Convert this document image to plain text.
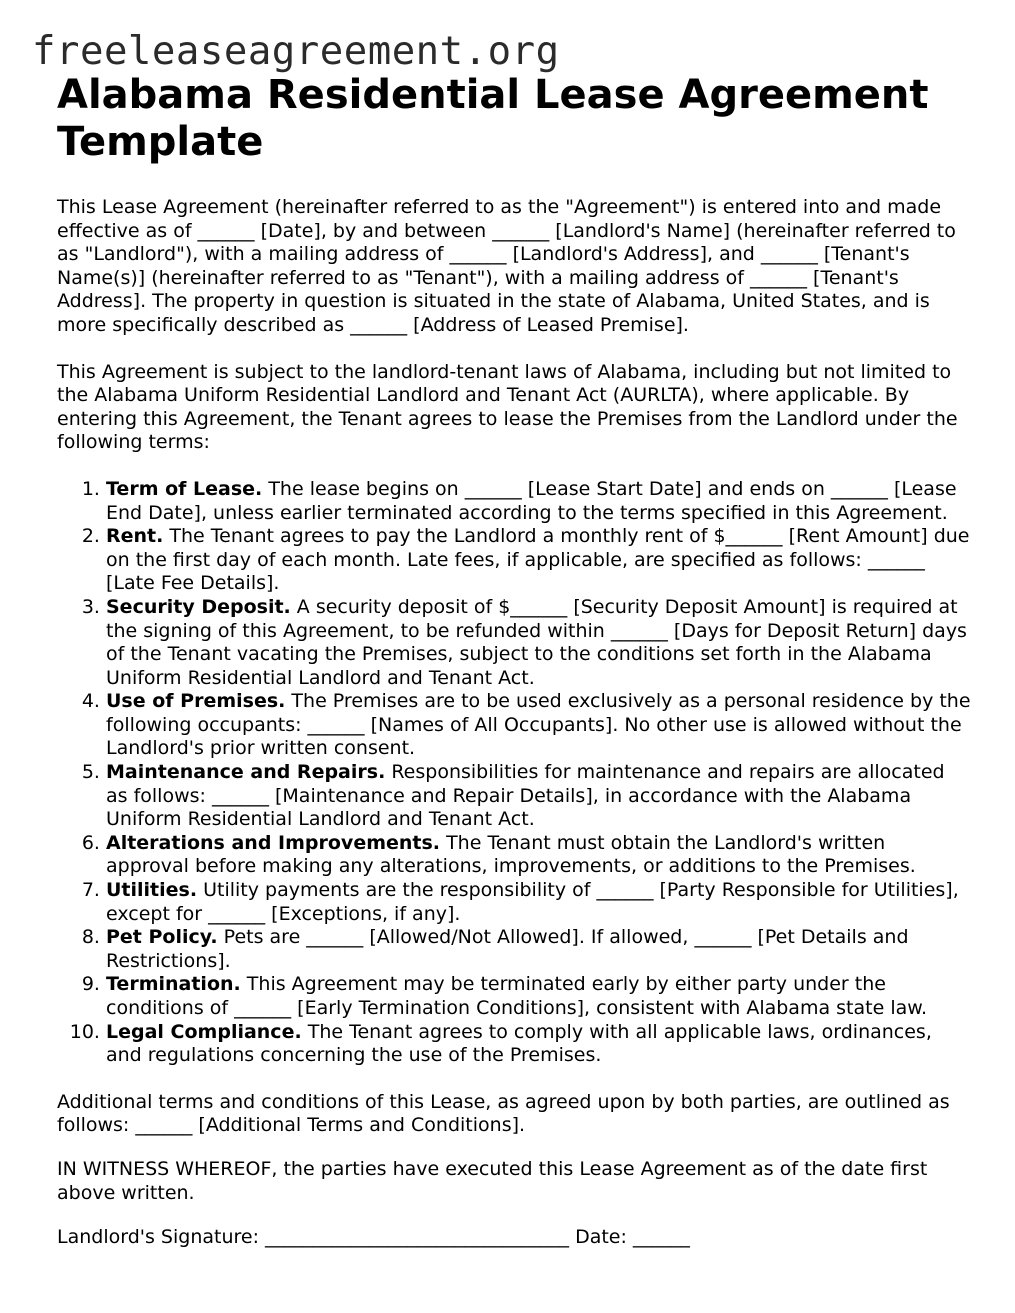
freeleaseagreement.org
Alabama Residential Lease Agreement Template

This Lease Agreement (hereinafter referred to as the "Agreement") is entered into and made effective as of ______ [Date], by and between ______ [Landlord's Name] (hereinafter referred to as "Landlord"), with a mailing address of ______ [Landlord's Address], and ______ [Tenant's Name(s)] (hereinafter referred to as "Tenant"), with a mailing address of ______ [Tenant's Address]. The property in question is situated in the state of Alabama, United States, and is more specifically described as ______ [Address of Leased Premise].

This Agreement is subject to the landlord-tenant laws of Alabama, including but not limited to the Alabama Uniform Residential Landlord and Tenant Act (AURLTA), where applicable. By entering this Agreement, the Tenant agrees to lease the Premises from the Landlord under the following terms:

1. Term of Lease. The lease begins on ______ [Lease Start Date] and ends on ______ [Lease End Date], unless earlier terminated according to the terms specified in this Agreement.
2. Rent. The Tenant agrees to pay the Landlord a monthly rent of $______ [Rent Amount] due on the first day of each month. Late fees, if applicable, are specified as follows: ______ [Late Fee Details].
3. Security Deposit. A security deposit of $______ [Security Deposit Amount] is required at the signing of this Agreement, to be refunded within ______ [Days for Deposit Return] days of the Tenant vacating the Premises, subject to the conditions set forth in the Alabama Uniform Residential Landlord and Tenant Act.
4. Use of Premises. The Premises are to be used exclusively as a personal residence by the following occupants: ______ [Names of All Occupants]. No other use is allowed without the Landlord's prior written consent.
5. Maintenance and Repairs. Responsibilities for maintenance and repairs are allocated as follows: ______ [Maintenance and Repair Details], in accordance with the Alabama Uniform Residential Landlord and Tenant Act.
6. Alterations and Improvements. The Tenant must obtain the Landlord's written approval before making any alterations, improvements, or additions to the Premises.
7. Utilities. Utility payments are the responsibility of ______ [Party Responsible for Utilities], except for ______ [Exceptions, if any].
8. Pet Policy. Pets are ______ [Allowed/Not Allowed]. If allowed, ______ [Pet Details and Restrictions].
9. Termination. This Agreement may be terminated early by either party under the conditions of ______ [Early Termination Conditions], consistent with Alabama state law.
10. Legal Compliance. The Tenant agrees to comply with all applicable laws, ordinances, and regulations concerning the use of the Premises.

Additional terms and conditions of this Lease, as agreed upon by both parties, are outlined as follows: ______ [Additional Terms and Conditions].

IN WITNESS WHEREOF, the parties have executed this Lease Agreement as of the date first above written.

Landlord's Signature: ________________________________ Date: ______
